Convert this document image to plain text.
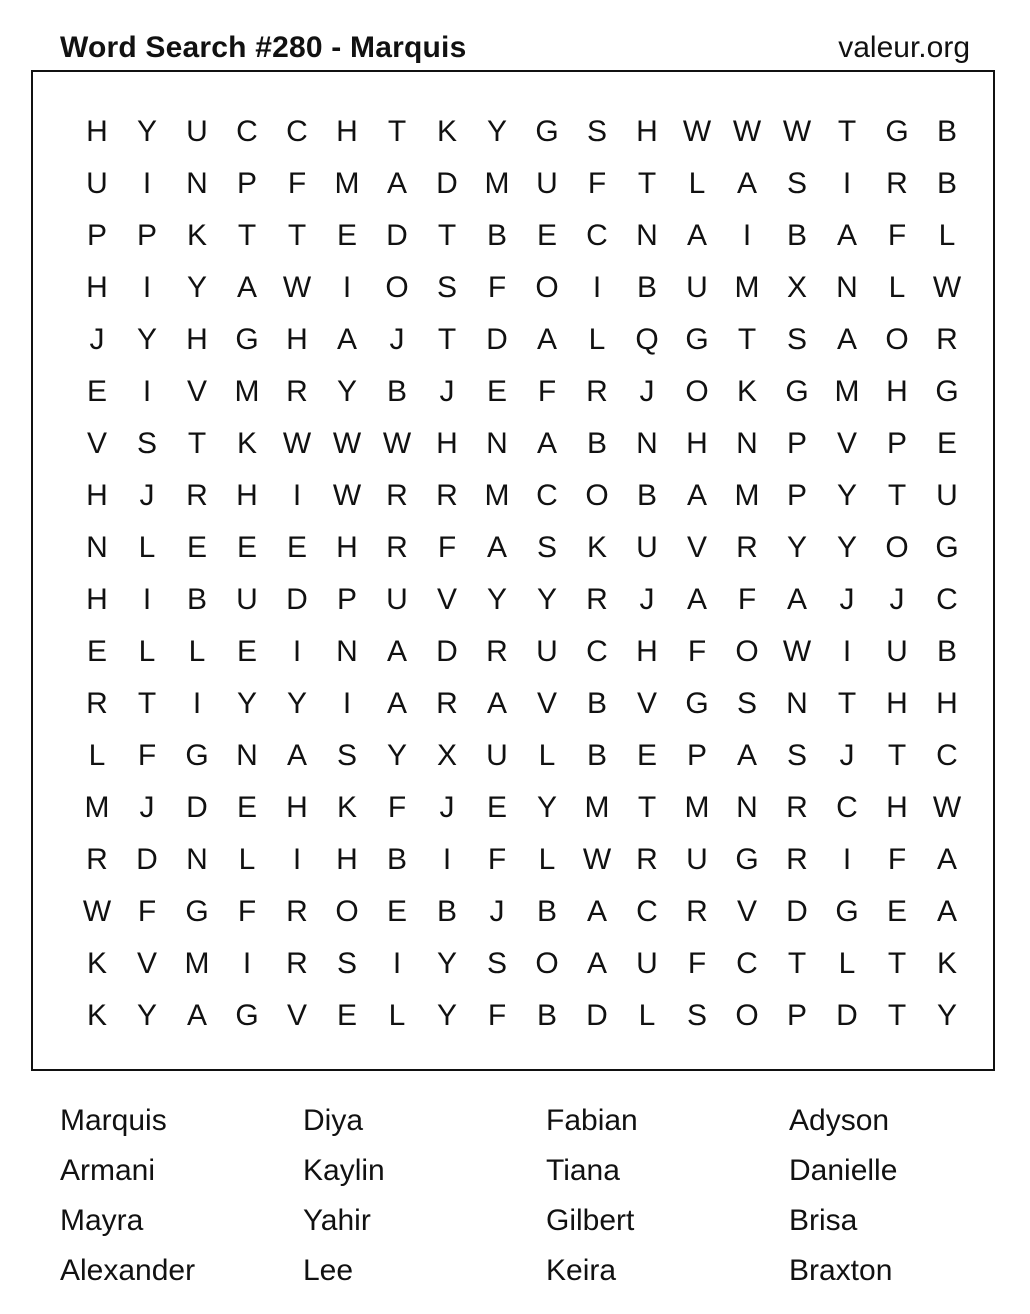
Word Search #280 - Marquis	valeur.org
H Y U C C H	T	K Y G S H W W W T G B
U	I	N P	F M A D M U	F	T	L	A S	I	R B
P P K	T	T	E D	T	B E C N A	I	B A	F	L
H	I	Y A W	I	O S	F O	I	B U M X N	L W
J	Y H G H A	J	T	D A	L Q G T	S A O R
E	I	V M R Y B	J	E	F	R	J	O K G M H G
V S	T	K W W W H N A B N H N P V P E
H	J	R H	I	W R R M C O B A M P Y	T	U
N	L	E E E H R	F	A S K U V R Y Y O G
H	I	B U D P U V Y Y R	J	A	F	A	J	J	C
E	L	L	E	I	N A D R U C H	F O W	I	U B
R	T	I	Y Y	I	A R A V B V G S N	T	H H
L	F G N A S Y X U	L	B E P A S	J	T	C
M	J	D E H K	F	J	E Y M T M N R C H W
R D N	L	I	H B	I	F	L W R U G R	I	F	A
W F G F	R O E B	J	B A C R V D G E A
K V M	I	R S	I	Y S O A U	F	C	T	L	T	K
K Y A G V E	L	Y	F	B D	L	S O P D	T	Y
Marquis	Diya	Fabian	Adyson
Armani	Kaylin	Tiana	Danielle
Mayra	Yahir	Gilbert	Brisa
Alexander	Lee	Keira	Braxton
